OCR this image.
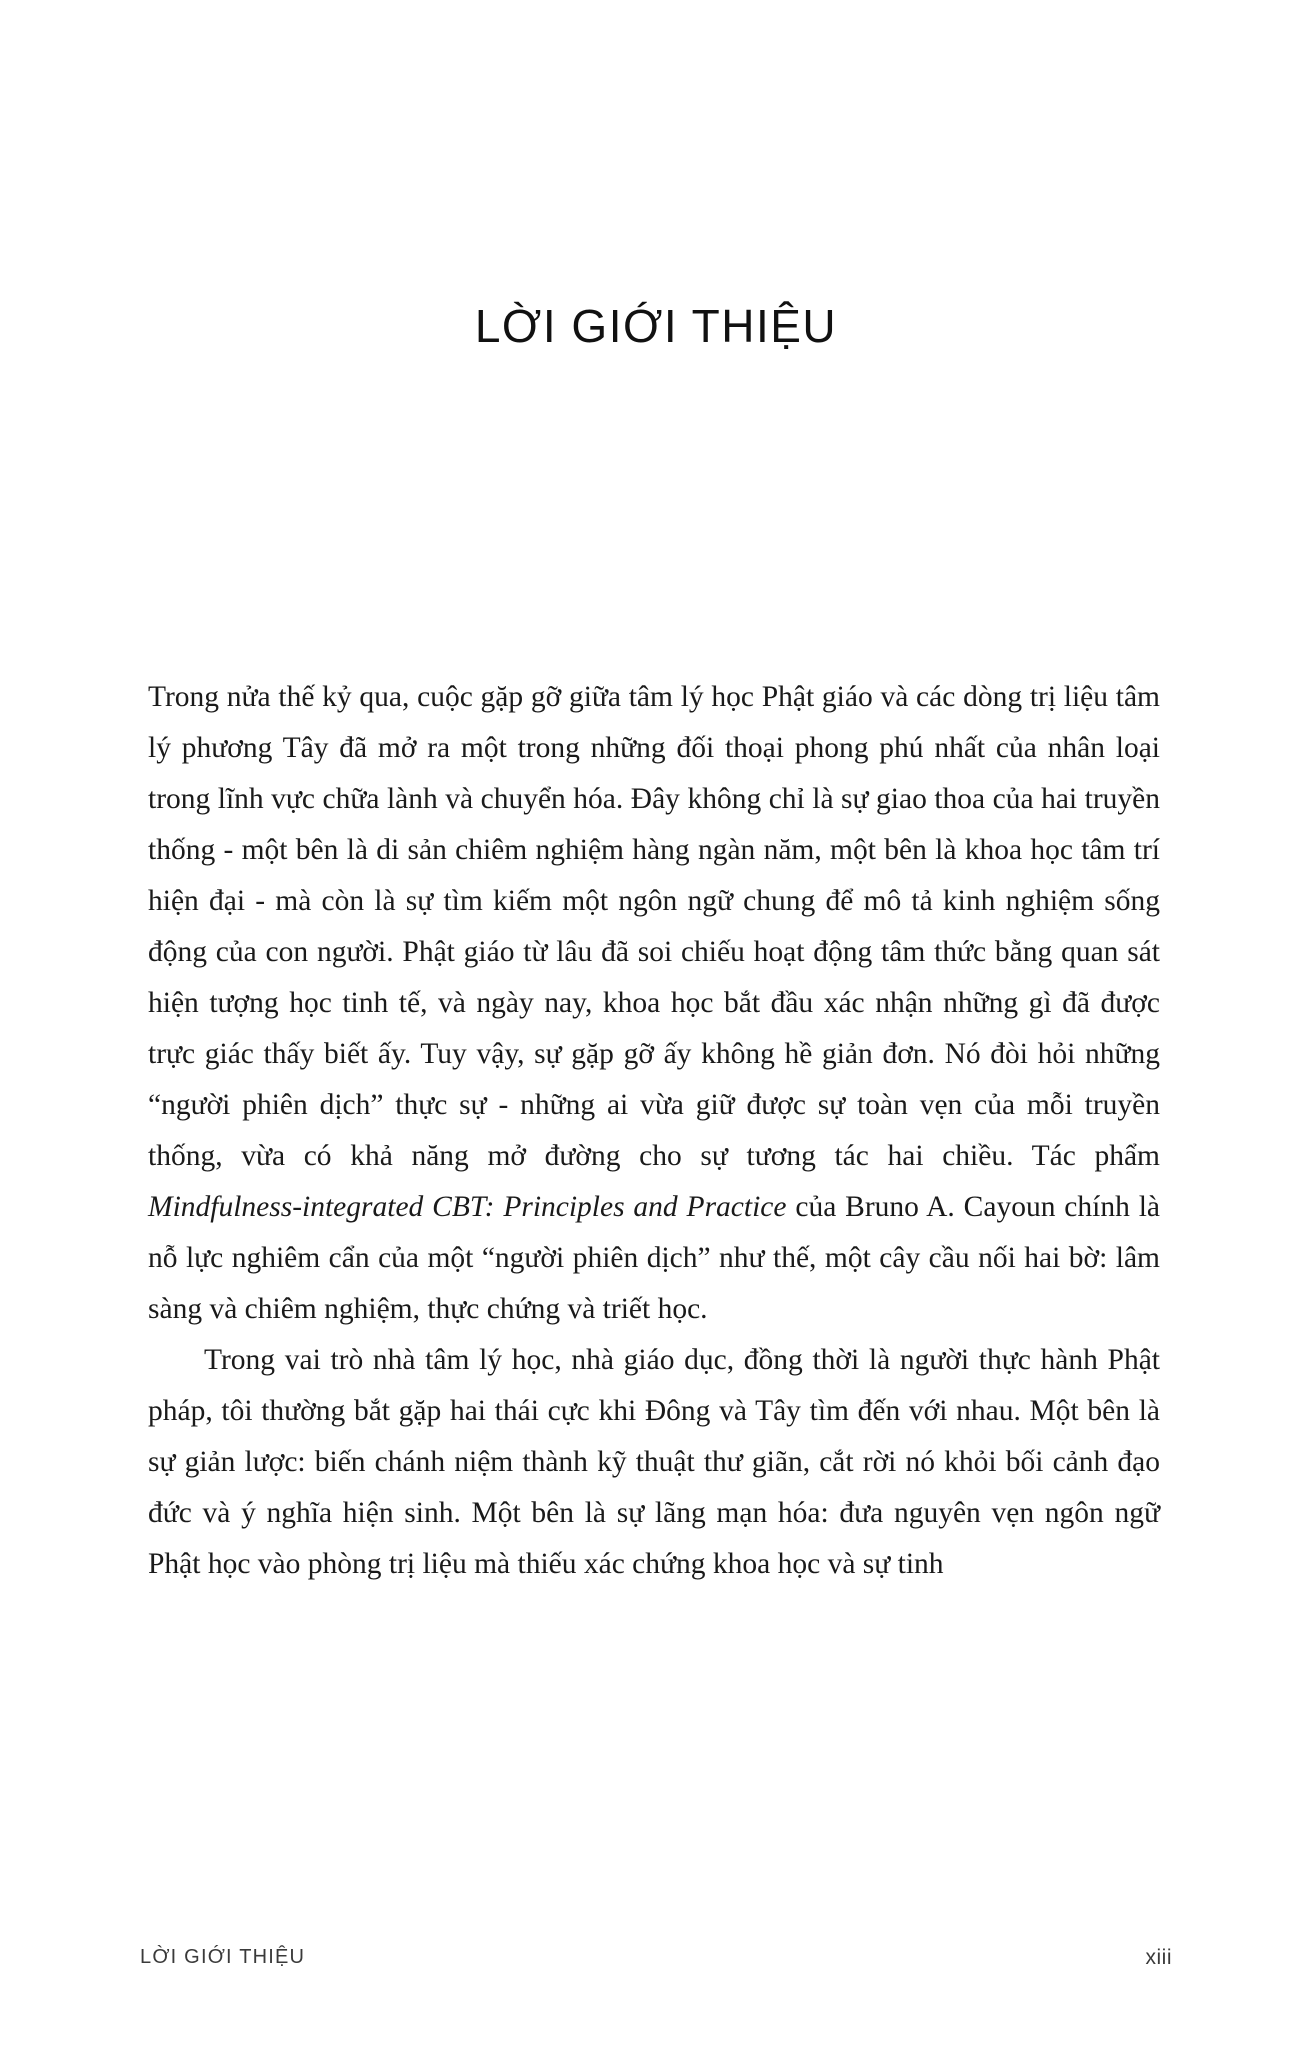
LỜI GIỚI THIỆU

Trong nửa thế kỷ qua, cuộc gặp gỡ giữa tâm lý học Phật giáo và các dòng trị liệu tâm lý phương Tây đã mở ra một trong những đối thoại phong phú nhất của nhân loại trong lĩnh vực chữa lành và chuyển hóa. Đây không chỉ là sự giao thoa của hai truyền thống - một bên là di sản chiêm nghiệm hàng ngàn năm, một bên là khoa học tâm trí hiện đại - mà còn là sự tìm kiếm một ngôn ngữ chung để mô tả kinh nghiệm sống động của con người. Phật giáo từ lâu đã soi chiếu hoạt động tâm thức bằng quan sát hiện tượng học tinh tế, và ngày nay, khoa học bắt đầu xác nhận những gì đã được trực giác thấy biết ấy. Tuy vậy, sự gặp gỡ ấy không hề giản đơn. Nó đòi hỏi những “người phiên dịch” thực sự - những ai vừa giữ được sự toàn vẹn của mỗi truyền thống, vừa có khả năng mở đường cho sự tương tác hai chiều. Tác phẩm Mindfulness-integrated CBT: Principles and Practice của Bruno A. Cayoun chính là nỗ lực nghiêm cẩn của một “người phiên dịch” như thế, một cây cầu nối hai bờ: lâm sàng và chiêm nghiệm, thực chứng và triết học.

Trong vai trò nhà tâm lý học, nhà giáo dục, đồng thời là người thực hành Phật pháp, tôi thường bắt gặp hai thái cực khi Đông và Tây tìm đến với nhau. Một bên là sự giản lược: biến chánh niệm thành kỹ thuật thư giãn, cắt rời nó khỏi bối cảnh đạo đức và ý nghĩa hiện sinh. Một bên là sự lãng mạn hóa: đưa nguyên vẹn ngôn ngữ Phật học vào phòng trị liệu mà thiếu xác chứng khoa học và sự tinh

LỜI GIỚI THIỆU	xiii
